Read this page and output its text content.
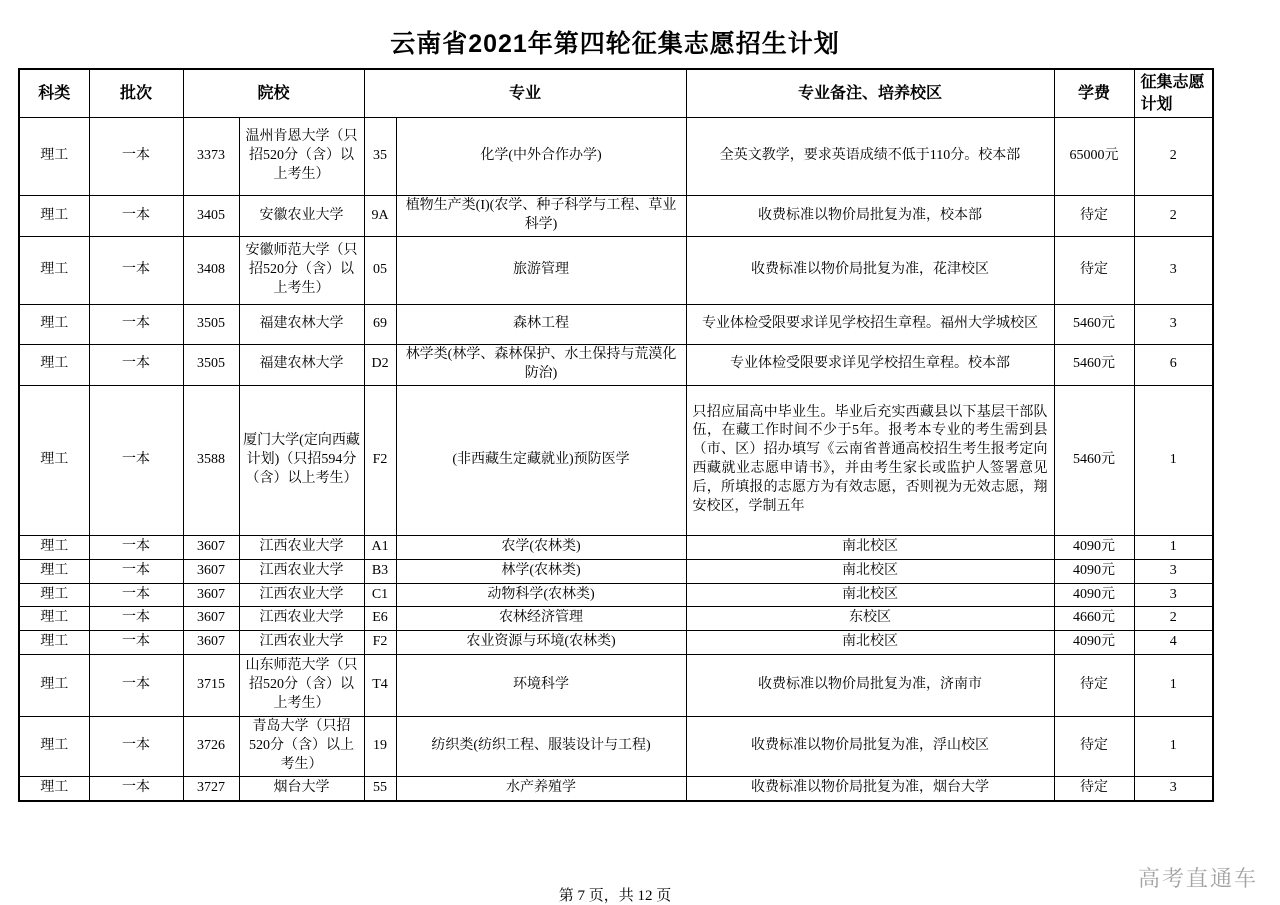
云南省2021年第四轮征集志愿招生计划
科类	批次	院校		专业		专业备注、培养校区	学费	征集志愿计划
理工	一本	3373	温州肯恩大学（只招520分（含）以上考生）	35	化学(中外合作办学)	全英文教学，要求英语成绩不低于110分。校本部	65000元	2
理工	一本	3405	安徽农业大学	9A	植物生产类(I)(农学、种子科学与工程、草业科学)	收费标准以物价局批复为准，校本部	待定	2
理工	一本	3408	安徽师范大学（只招520分（含）以上考生）	05	旅游管理	收费标准以物价局批复为准，花津校区	待定	3
理工	一本	3505	福建农林大学	69	森林工程	专业体检受限要求详见学校招生章程。福州大学城校区	5460元	3
理工	一本	3505	福建农林大学	D2	林学类(林学、森林保护、水土保持与荒漠化防治)	专业体检受限要求详见学校招生章程。校本部	5460元	6
理工	一本	3588	厦门大学(定向西藏计划)（只招594分（含）以上考生）	F2	(非西藏生定藏就业)预防医学	只招应届高中毕业生。毕业后充实西藏县以下基层干部队伍，在藏工作时间不少于5年。报考本专业的考生需到县（市、区）招办填写《云南省普通高校招生考生报考定向西藏就业志愿申请书》，并由考生家长或监护人签署意见后，所填报的志愿方为有效志愿，否则视为无效志愿，翔安校区，学制五年	5460元	1
理工	一本	3607	江西农业大学	A1	农学(农林类)	南北校区	4090元	1
理工	一本	3607	江西农业大学	B3	林学(农林类)	南北校区	4090元	3
理工	一本	3607	江西农业大学	C1	动物科学(农林类)	南北校区	4090元	3
理工	一本	3607	江西农业大学	E6	农林经济管理	东校区	4660元	2
理工	一本	3607	江西农业大学	F2	农业资源与环境(农林类)	南北校区	4090元	4
理工	一本	3715	山东师范大学（只招520分（含）以上考生）	T4	环境科学	收费标准以物价局批复为准，济南市	待定	1
理工	一本	3726	青岛大学（只招520分（含）以上考生）	19	纺织类(纺织工程、服装设计与工程)	收费标准以物价局批复为准，浮山校区	待定	1
理工	一本	3727	烟台大学	55	水产养殖学	收费标准以物价局批复为准，烟台大学	待定	3
第 7 页，共 12 页
高考直通车
